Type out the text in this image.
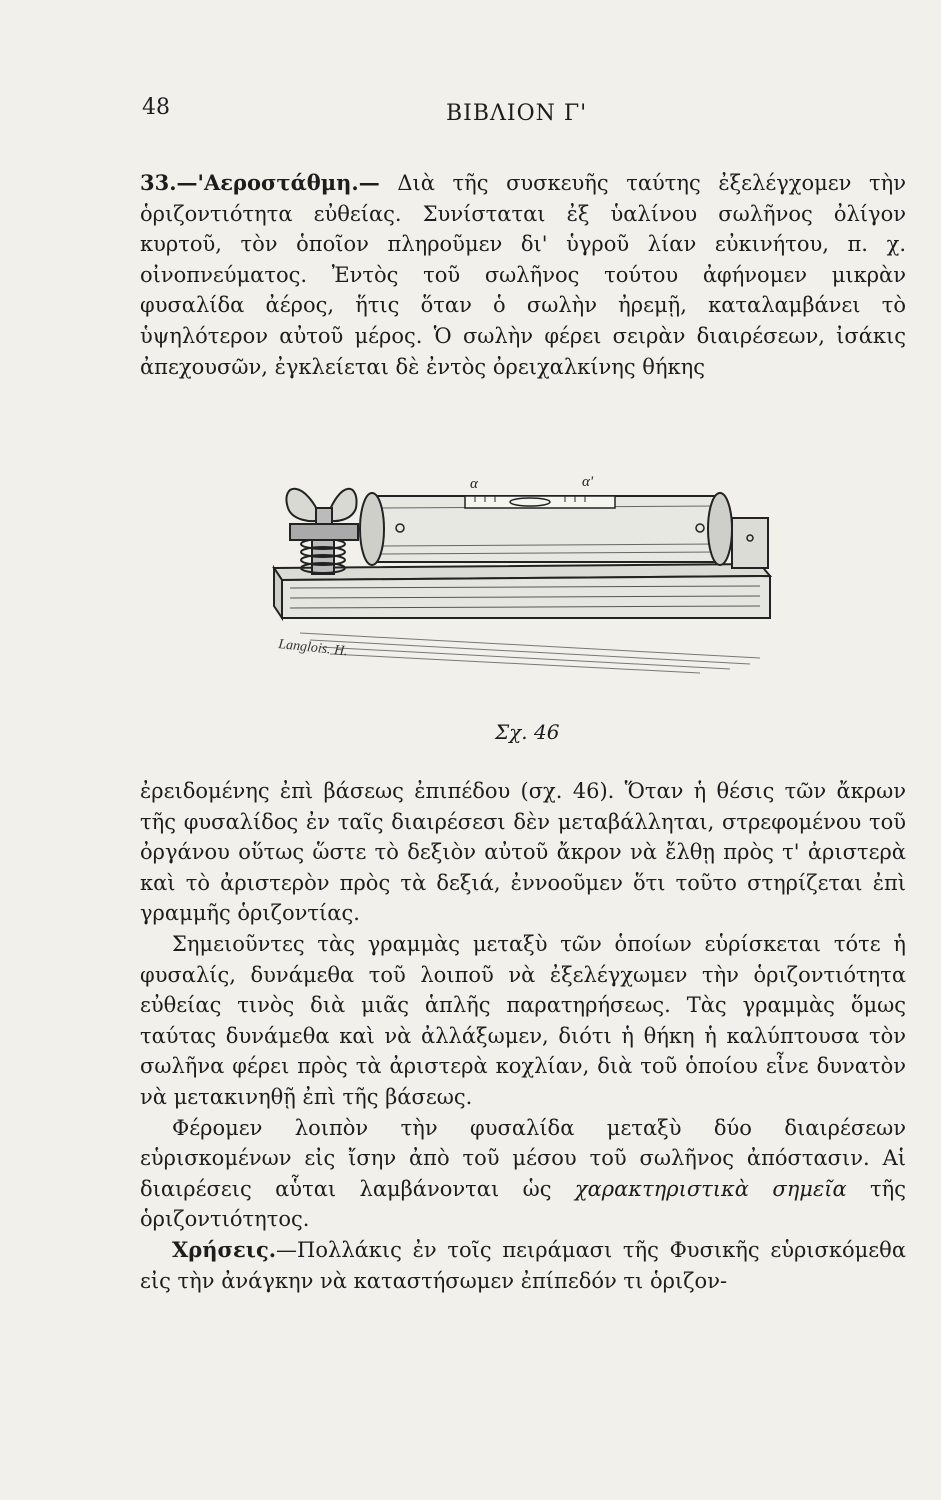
48	ΒΙΒΛΙΟΝ Γ'

33.—'Αεροστάθμη.— Διὰ τῆς συσκευῆς ταύτης ἐξελέγχομεν τὴν ὁριζοντιότητα εὐθείας. Συνίσταται ἐξ ὑαλίνου σωλῆνος ὀλίγον κυρτοῦ, τὸν ὁποῖον πληροῦμεν δι' ὑγροῦ λίαν εὐκινήτου, π. χ. οἰνοπνεύματος. Ἐντὸς τοῦ σωλῆνος τούτου ἀφήνομεν μικρὰν φυσαλίδα ἀέρος, ἥτις ὅταν ὁ σωλὴν ἠρεμῇ, καταλαμβάνει τὸ ὑψηλότερον αὐτοῦ μέρος. Ὁ σωλὴν φέρει σειρὰν διαιρέσεων, ἰσάκις ἀπεχουσῶν, ἐγκλείεται δὲ ἐντὸς ὀρειχαλκίνης θήκης

α	α'
Langlois. H.
Σχ. 46

ἐρειδομένης ἐπὶ βάσεως ἐπιπέδου (σχ. 46). Ὅταν ἡ θέσις τῶν ἄκρων τῆς φυσαλίδος ἐν ταῖς διαιρέσεσι δὲν μεταβάλληται, στρεφομένου τοῦ ὀργάνου οὕτως ὥστε τὸ δεξιὸν αὐτοῦ ἄκρον νὰ ἔλθῃ πρὸς τ' ἀριστερὰ καὶ τὸ ἀριστερὸν πρὸς τὰ δεξιά, ἐννοοῦμεν ὅτι τοῦτο στηρίζεται ἐπὶ γραμμῆς ὁριζοντίας.

Σημειοῦντες τὰς γραμμὰς μεταξὺ τῶν ὁποίων εὑρίσκεται τότε ἡ φυσαλίς, δυνάμεθα τοῦ λοιποῦ νὰ ἐξελέγχωμεν τὴν ὁριζοντιότητα εὐθείας τινὸς διὰ μιᾶς ἁπλῆς παρατηρήσεως. Τὰς γραμμὰς ὅμως ταύτας δυνάμεθα καὶ νὰ ἀλλάξωμεν, διότι ἡ θήκη ἡ καλύπτουσα τὸν σωλῆνα φέρει πρὸς τὰ ἀριστερὰ κοχλίαν, διὰ τοῦ ὁποίου εἶνε δυνατὸν νὰ μετακινηθῇ ἐπὶ τῆς βάσεως.

Φέρομεν λοιπὸν τὴν φυσαλίδα μεταξὺ δύο διαιρέσεων εὑρισκομένων εἰς ἴσην ἀπὸ τοῦ μέσου τοῦ σωλῆνος ἀπόστασιν. Αἱ διαιρέσεις αὗται λαμβάνονται ὡς χαρακτηριστικὰ σημεῖα τῆς ὁριζοντιότητος.

Χρήσεις.—Πολλάκις ἐν τοῖς πειράμασι τῆς Φυσικῆς εὑρισκόμεθα εἰς τὴν ἀνάγκην νὰ καταστήσωμεν ἐπίπεδόν τι ὁριζον-
